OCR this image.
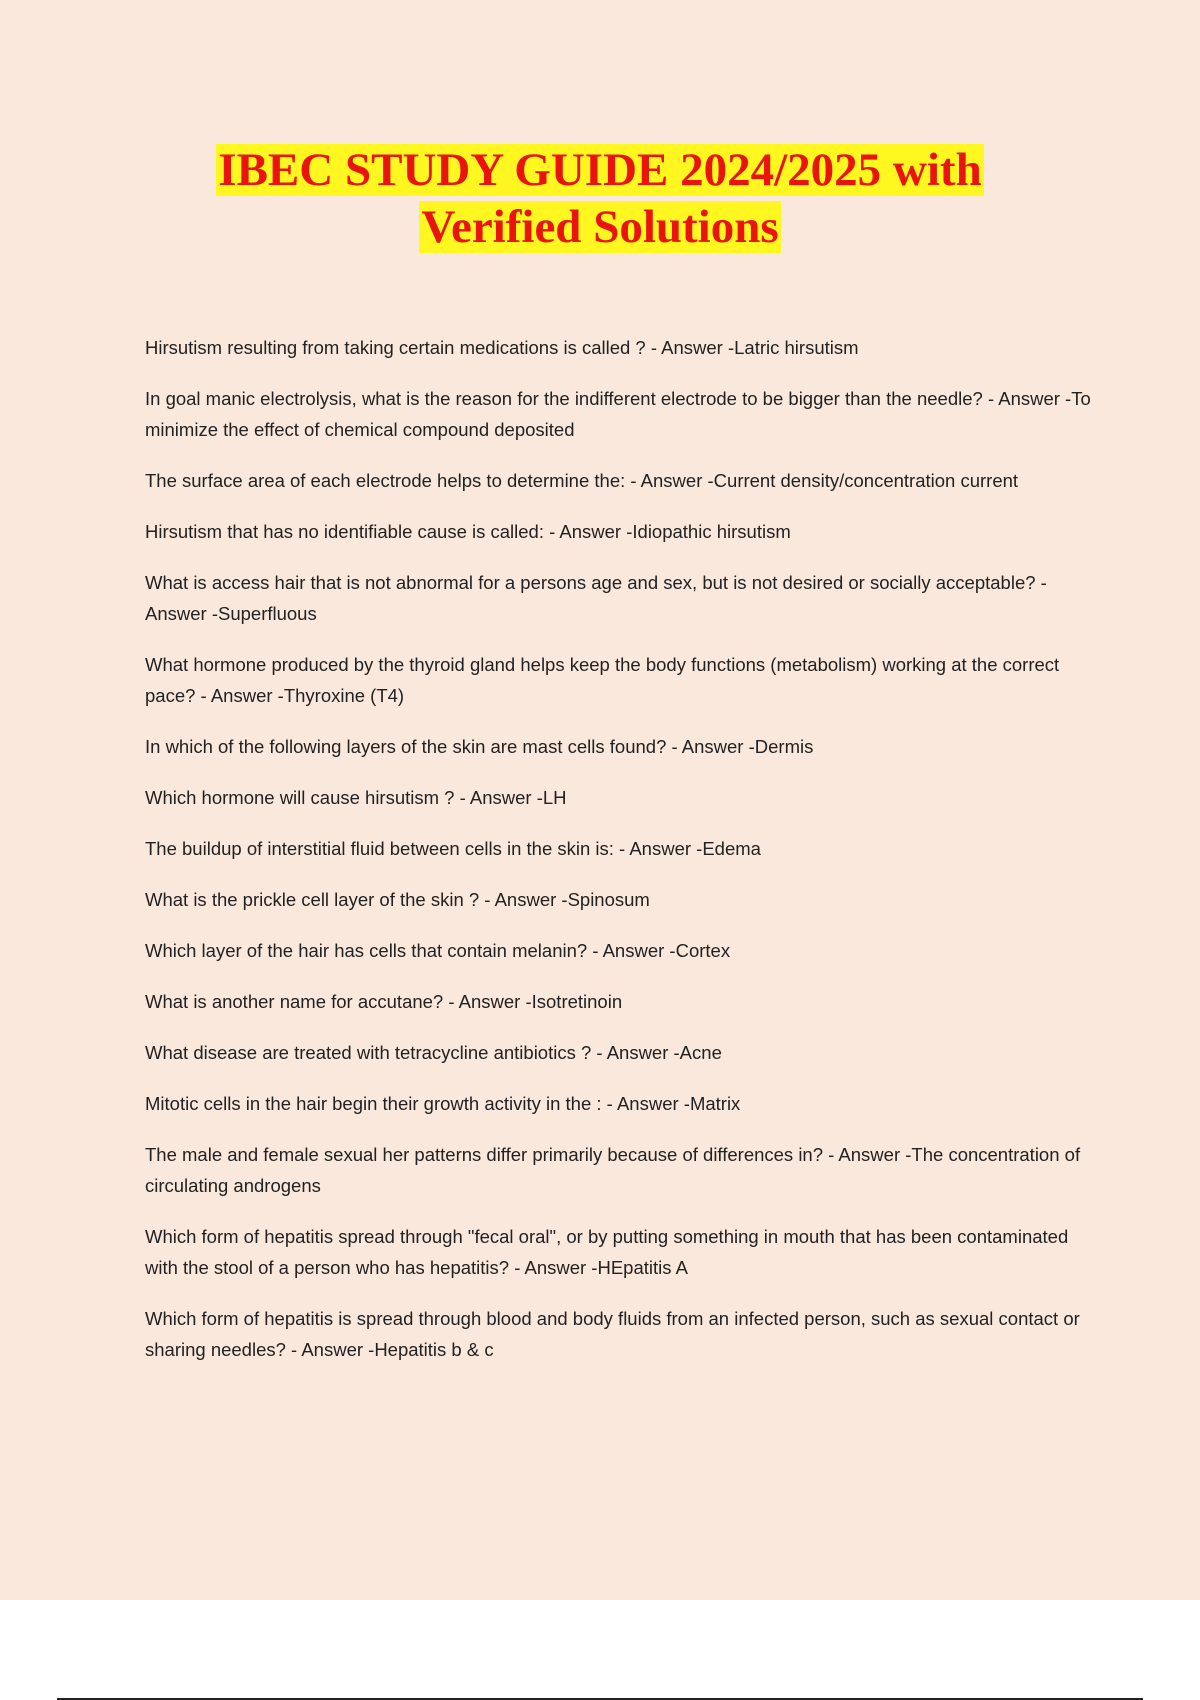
IBEC STUDY GUIDE 2024/2025 with
Verified Solutions

Hirsutism resulting from taking certain medications is called ? - Answer -Latric hirsutism

In goal manic electrolysis, what is the reason for the indifferent electrode to be bigger than the needle? - Answer -To minimize the effect of chemical compound deposited

The surface area of each electrode helps to determine the: - Answer -Current density/concentration current

Hirsutism that has no identifiable cause is called: - Answer -Idiopathic hirsutism

What is access hair that is not abnormal for a persons age and sex, but is not desired or socially acceptable? - Answer -Superfluous

What hormone produced by the thyroid gland helps keep the body functions (metabolism) working at the correct pace? - Answer -Thyroxine (T4)

In which of the following layers of the skin are mast cells found? - Answer -Dermis

Which hormone will cause hirsutism ? - Answer -LH

The buildup of interstitial fluid between cells in the skin is: - Answer -Edema

What is the prickle cell layer of the skin ? - Answer -Spinosum

Which layer of the hair has cells that contain melanin? - Answer -Cortex

What is another name for accutane? - Answer -Isotretinoin

What disease are treated with tetracycline antibiotics ? - Answer -Acne

Mitotic cells in the hair begin their growth activity in the : - Answer -Matrix

The male and female sexual her patterns differ primarily because of differences in? - Answer -The concentration of circulating androgens

Which form of hepatitis spread through "fecal oral", or by putting something in mouth that has been contaminated with the stool of a person who has hepatitis? - Answer -HEpatitis A

Which form of hepatitis is spread through blood and body fluids from an infected person, such as sexual contact or sharing needles? - Answer -Hepatitis b & c
